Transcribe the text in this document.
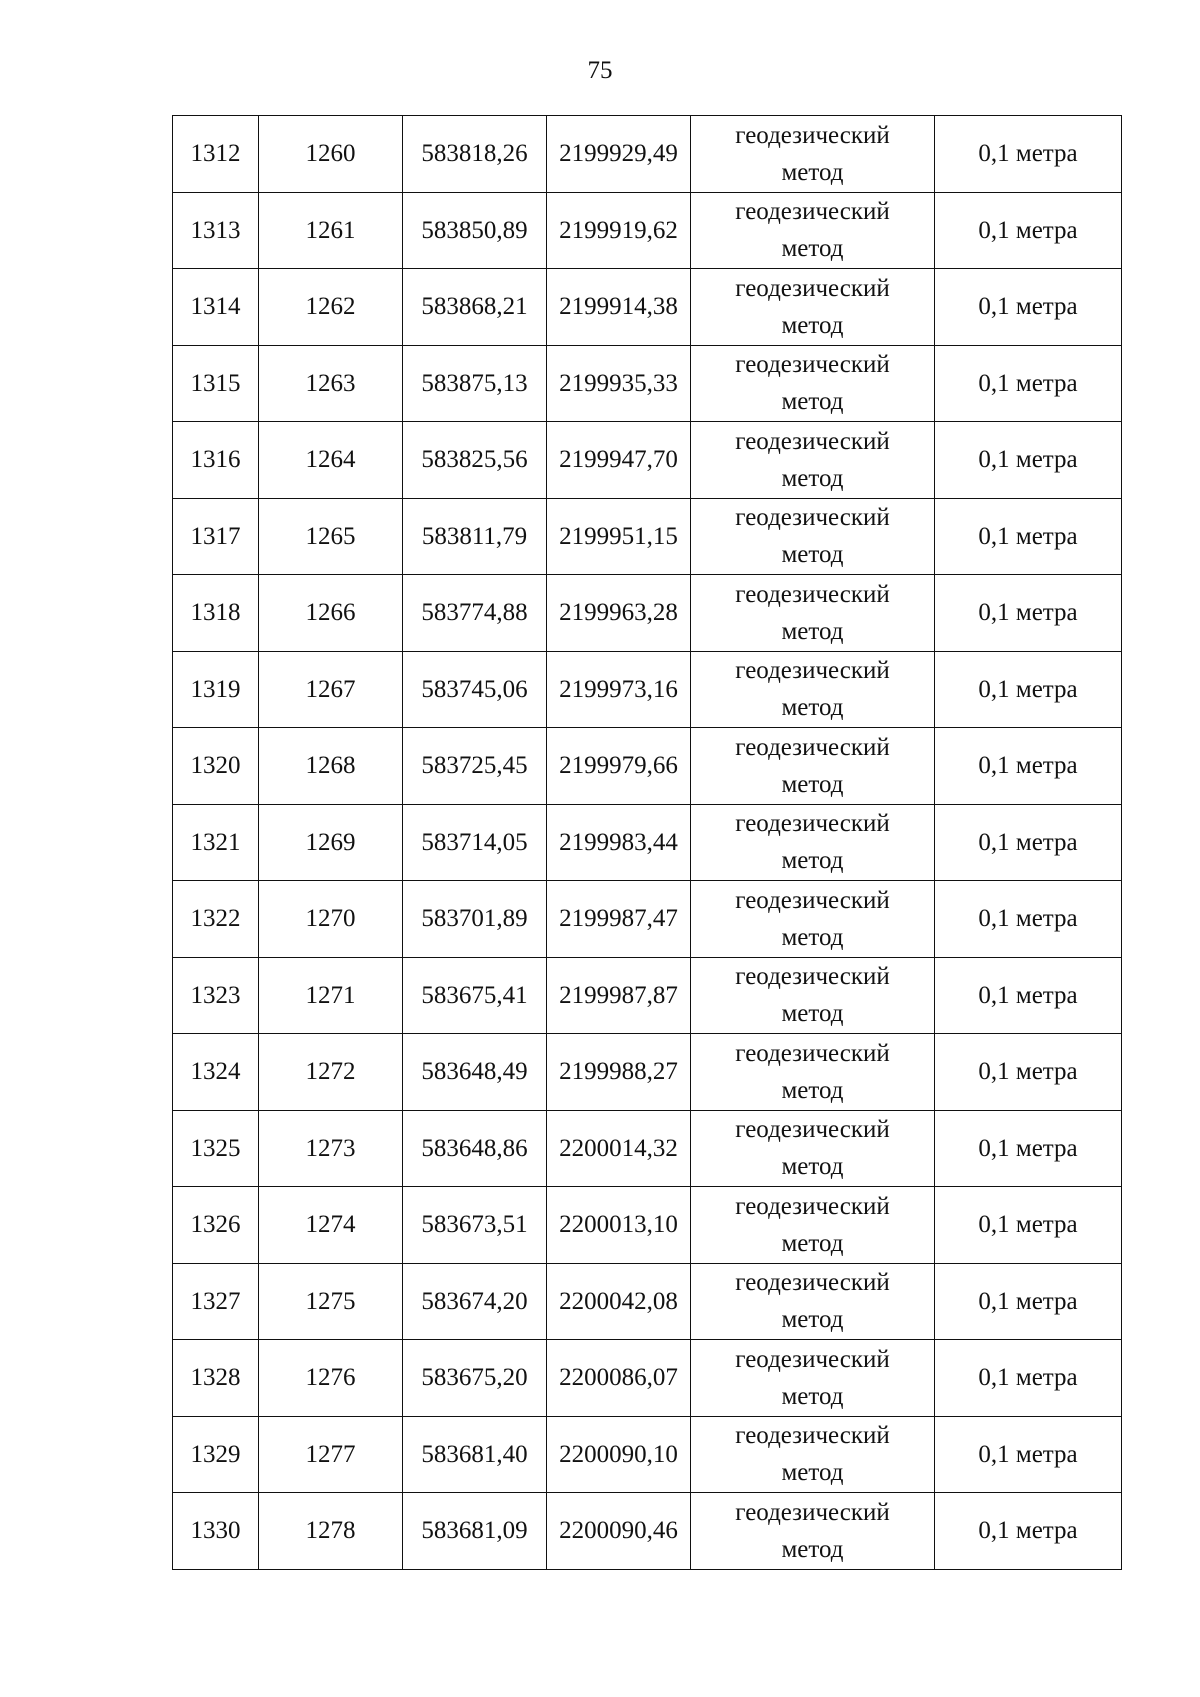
75
1312	1260	583818,26	2199929,49	геодезический метод	0,1 метра
1313	1261	583850,89	2199919,62	геодезический метод	0,1 метра
1314	1262	583868,21	2199914,38	геодезический метод	0,1 метра
1315	1263	583875,13	2199935,33	геодезический метод	0,1 метра
1316	1264	583825,56	2199947,70	геодезический метод	0,1 метра
1317	1265	583811,79	2199951,15	геодезический метод	0,1 метра
1318	1266	583774,88	2199963,28	геодезический метод	0,1 метра
1319	1267	583745,06	2199973,16	геодезический метод	0,1 метра
1320	1268	583725,45	2199979,66	геодезический метод	0,1 метра
1321	1269	583714,05	2199983,44	геодезический метод	0,1 метра
1322	1270	583701,89	2199987,47	геодезический метод	0,1 метра
1323	1271	583675,41	2199987,87	геодезический метод	0,1 метра
1324	1272	583648,49	2199988,27	геодезический метод	0,1 метра
1325	1273	583648,86	2200014,32	геодезический метод	0,1 метра
1326	1274	583673,51	2200013,10	геодезический метод	0,1 метра
1327	1275	583674,20	2200042,08	геодезический метод	0,1 метра
1328	1276	583675,20	2200086,07	геодезический метод	0,1 метра
1329	1277	583681,40	2200090,10	геодезический метод	0,1 метра
1330	1278	583681,09	2200090,46	геодезический метод	0,1 метра
